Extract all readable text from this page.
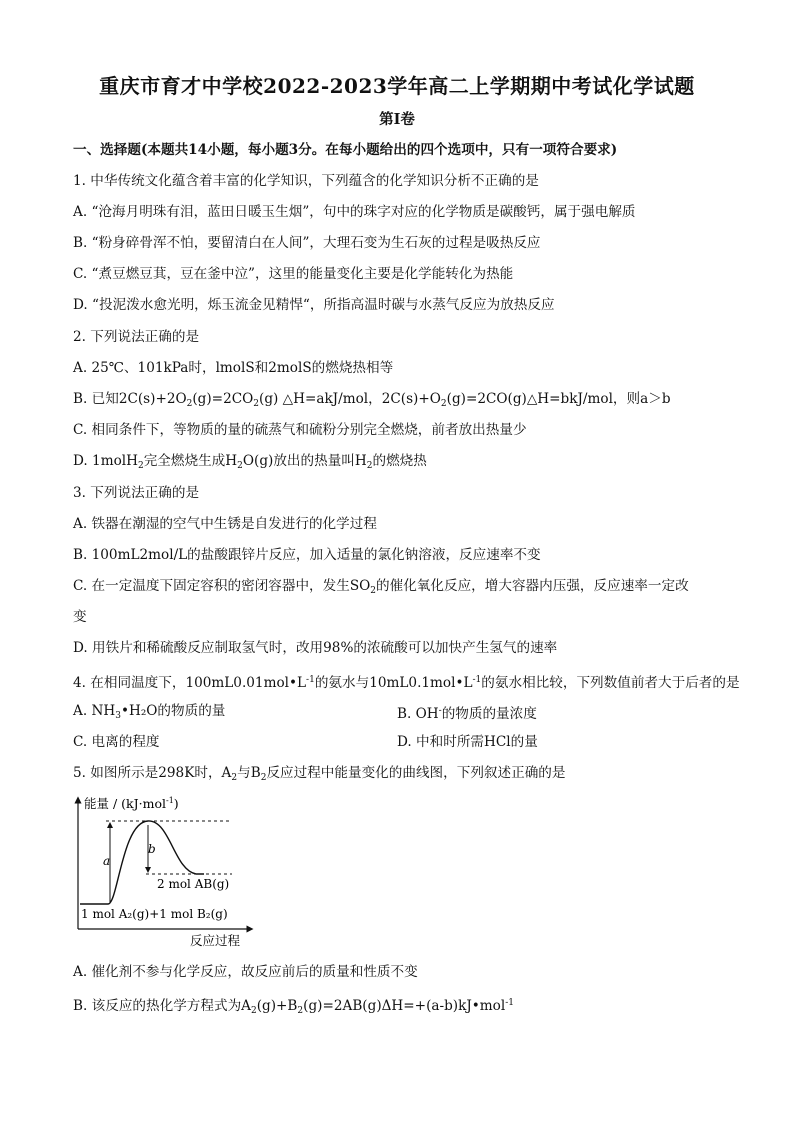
重庆市育才中学校2022-2023学年高二上学期期中考试化学试题
第I卷
一、选择题(本题共14小题，每小题3分。在每小题给出的四个选项中，只有一项符合要求)
1. 中华传统文化蕴含着丰富的化学知识，下列蕴含的化学知识分析不正确的是
A. “沧海月明珠有泪，蓝田日暖玉生烟”，句中的珠字对应的化学物质是碳酸钙，属于强电解质
B. “粉身碎骨浑不怕，要留清白在人间”，大理石变为生石灰的过程是吸热反应
C. “煮豆燃豆萁，豆在釜中泣”，这里的能量变化主要是化学能转化为热能
D. “投泥泼水愈光明，烁玉流金见精悍“，所指高温时碳与水蒸气反应为放热反应
2. 下列说法正确的是
A. 25℃、101kPa时，lmolS和2molS的燃烧热相等
B. 已知$2C(s)+2O_2(g)=2CO_2(g)$ △H=akJ/mol，$2C(s)+O_2(g)=2CO(g)\triangle H=bkJ$/mol，则a＞b
C. 相同条件下，等物质的量的硫蒸气和硫粉分别完全燃烧，前者放出热量少
D. 1molH$_2$完全燃烧生成$H_2O(g)$放出的热量叫$H_2$的燃烧热
3. 下列说法正确的是
A. 铁器在潮湿的空气中生锈是自发进行的化学过程
B. 100mL2mol/L的盐酸跟锌片反应，加入适量的氯化钠溶液，反应速率不变
C. 在一定温度下固定容积的密闭容器中，发生$SO_2$的催化氧化反应，增大容器内压强，反应速率一定改
变
D. 用铁片和稀硫酸反应制取氢气时，改用98%的浓硫酸可以加快产生氢气的速率
4. 在相同温度下，$100mL0.01mol•L^{-1}$的氨水与$10mL0.1mol•L^{-1}$的氨水相比较，下列数值前者大于后者的是
A. $NH_3•H_2O$的物质的量	B. OH-的物质的量浓度
C. 电离的程度	D. 中和时所需HCl的量
5. 如图所示是298K时，$A_2$与$B_2$反应过程中能量变化的曲线图，下列叙述正确的是
能量 / (kJ·mol$^{-1}$)
a
b
2 mol AB(g)
1 mol A₂(g)+1 mol B₂(g)
反应过程
A. 催化剂不参与化学反应，故反应前后的质量和性质不变
B. 该反应的热化学方程式为$A_2(g)+B_2(g)=2AB(g)\Delta H=+(a-b)kJ•mol^{-1}$
